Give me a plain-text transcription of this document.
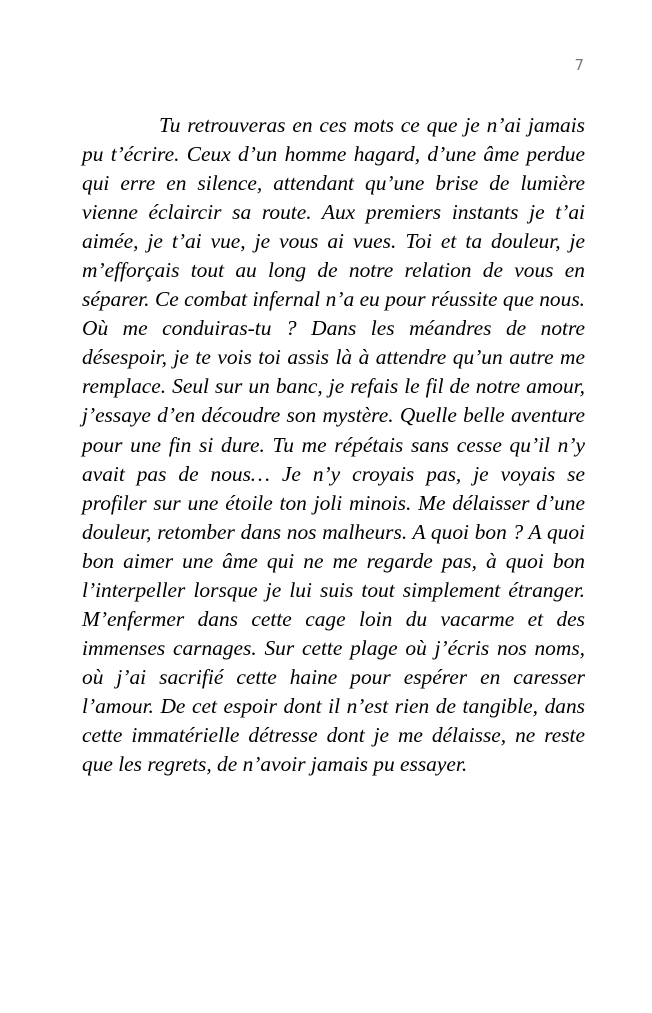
7

Tu retrouveras en ces mots ce que je n’ai jamais pu t’écrire. Ceux d’un homme hagard, d’une âme perdue qui erre en silence, attendant qu’une brise de lumière vienne éclaircir sa route. Aux premiers instants je t’ai aimée, je t’ai vue, je vous ai vues. Toi et ta douleur, je m’efforçais tout au long de notre relation de vous en séparer. Ce combat infernal n’a eu pour réussite que nous. Où me conduiras-tu ? Dans les méandres de notre désespoir, je te vois toi assis là à attendre qu’un autre me remplace. Seul sur un banc, je refais le fil de notre amour, j’essaye d’en découdre son mystère. Quelle belle aventure pour une fin si dure. Tu me répétais sans cesse qu’il n’y avait pas de nous… Je n’y croyais pas, je voyais se profiler sur une étoile ton joli minois. Me délaisser d’une douleur, retomber dans nos malheurs. A quoi bon ? A quoi bon aimer une âme qui ne me regarde pas, à quoi bon l’interpeller lorsque je lui suis tout simplement étranger. M’enfermer dans cette cage loin du vacarme et des immenses carnages. Sur cette plage où j’écris nos noms, où j’ai sacrifié cette haine pour espérer en caresser l’amour. De cet espoir dont il n’est rien de tangible, dans cette immatérielle détresse dont je me délaisse, ne reste que les regrets, de n’avoir jamais pu essayer.
